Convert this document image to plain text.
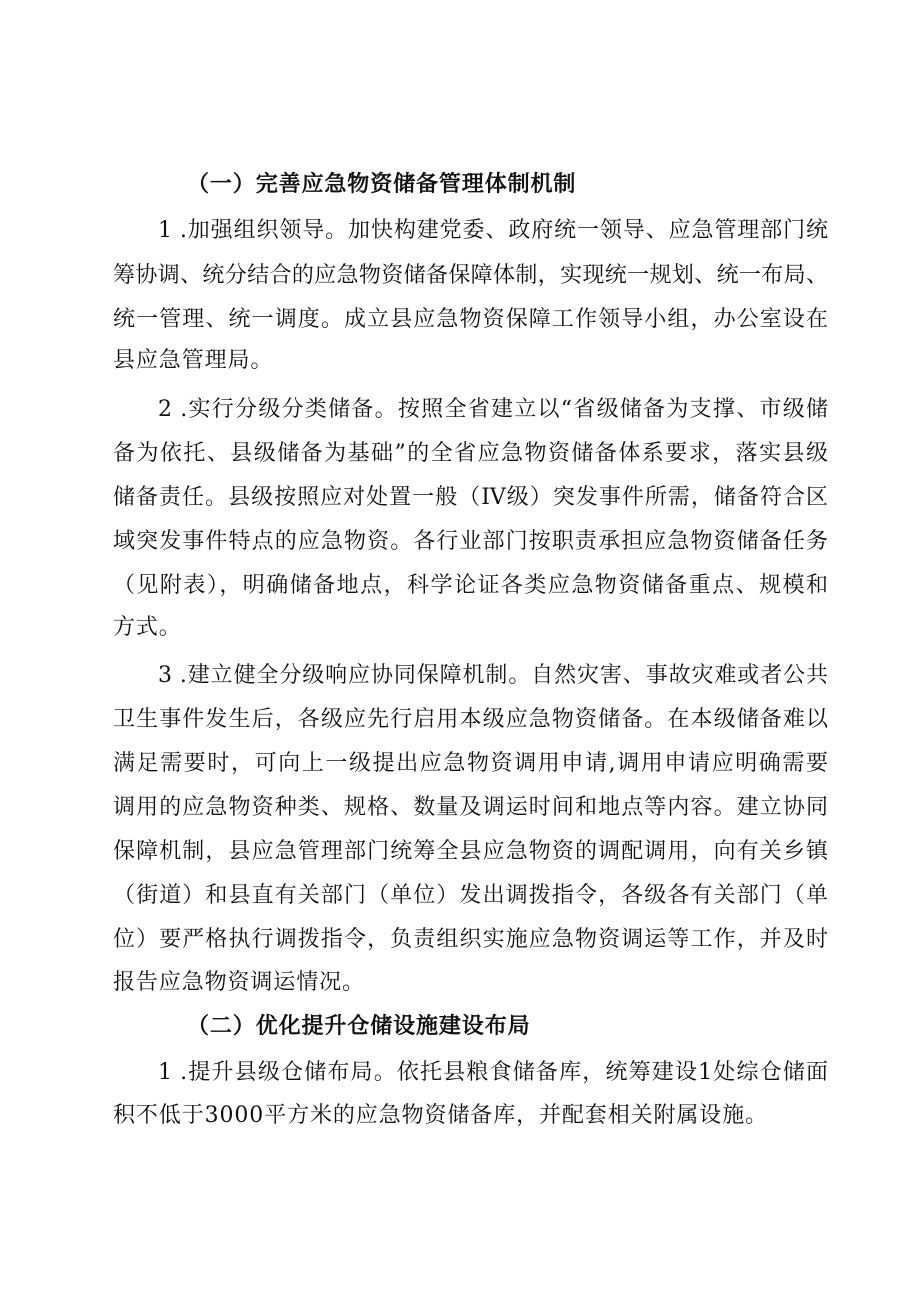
（一）完善应急物资储备管理体制机制
1 .加强组织领导。加快构建党委、政府统一领导、应急管理部门统
筹协调、统分结合的应急物资储备保障体制，实现统一规划、统一布局、
统一管理、统一调度。成立县应急物资保障工作领导小组，办公室设在
县应急管理局。
2 .实行分级分类储备。按照全省建立以“省级储备为支撑、市级储
备为依托、县级储备为基础”的全省应急物资储备体系要求，落实县级
储备责任。县级按照应对处置一般（IV级）突发事件所需，储备符合区
域突发事件特点的应急物资。各行业部门按职责承担应急物资储备任务
（见附表），明确储备地点，科学论证各类应急物资储备重点、规模和
方式。
3 .建立健全分级响应协同保障机制。自然灾害、事故灾难或者公共
卫生事件发生后，各级应先行启用本级应急物资储备。在本级储备难以
满足需要时，可向上一级提出应急物资调用申请,调用申请应明确需要
调用的应急物资种类、规格、数量及调运时间和地点等内容。建立协同
保障机制，县应急管理部门统筹全县应急物资的调配调用，向有关乡镇
（街道）和县直有关部门（单位）发出调拨指令，各级各有关部门（单
位）要严格执行调拨指令，负责组织实施应急物资调运等工作，并及时
报告应急物资调运情况。
（二）优化提升仓储设施建设布局
1 .提升县级仓储布局。依托县粮食储备库，统筹建设1处综仓储面
积不低于3000平方米的应急物资储备库，并配套相关附属设施。
